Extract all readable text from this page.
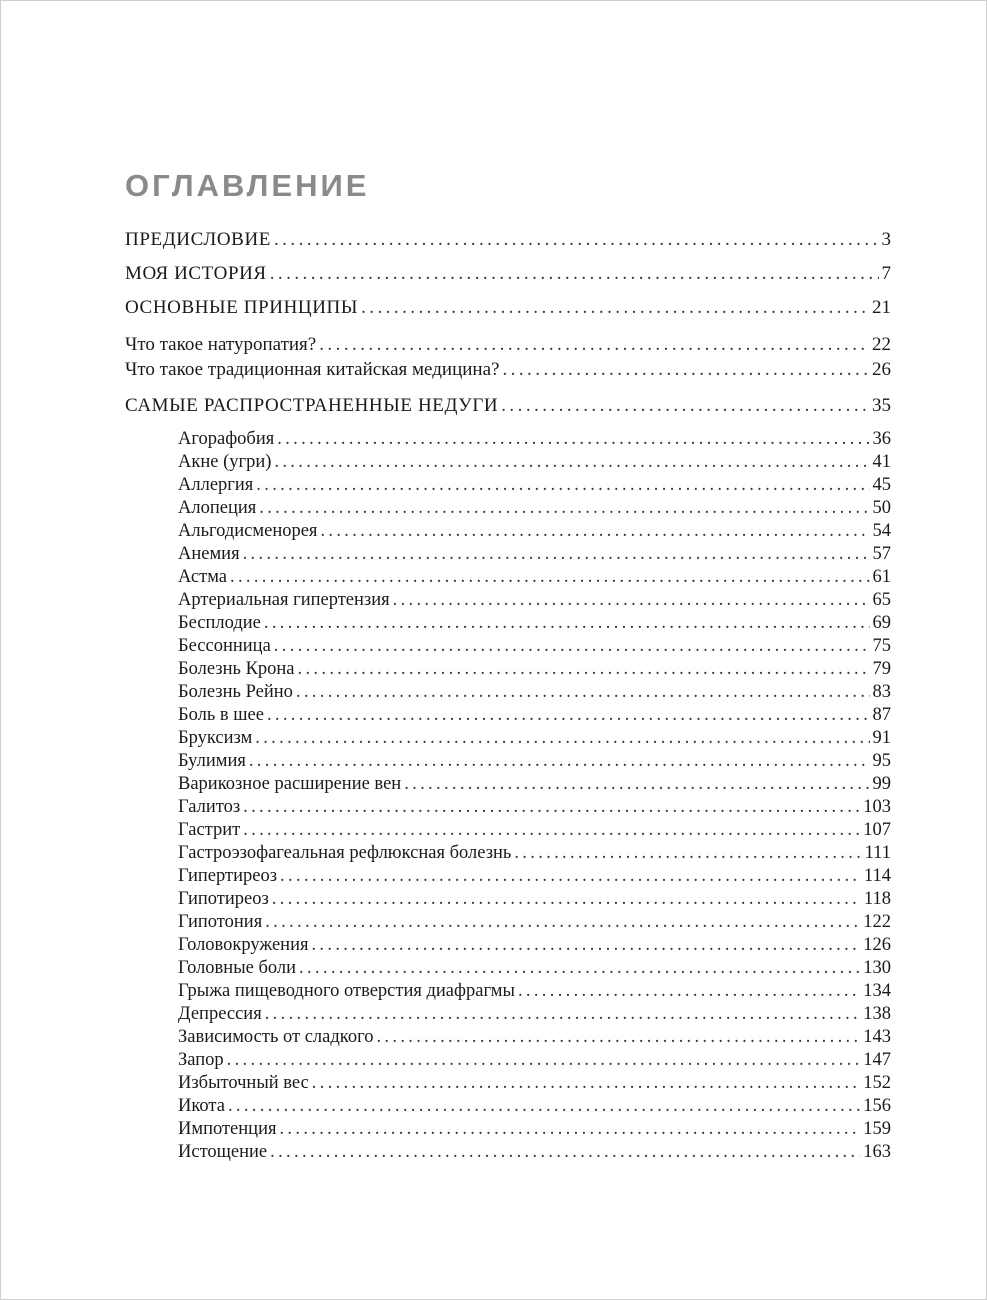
ОГЛАВЛЕНИЕ
ПРЕДИСЛОВИЕ . . .	3
МОЯ ИСТОРИЯ . . .	7
ОСНОВНЫЕ ПРИНЦИПЫ . . .	21
Что такое натуропатия? . . .	22
Что такое традиционная китайская медицина? . . .	26
САМЫЕ РАСПРОСТРАНЕННЫЕ НЕДУГИ . . .	35
Агорафобия . . .	36
Акне (угри) . . .	41
Аллергия . . .	45
Алопеция . . .	50
Альгодисменорея . . .	54
Анемия . . .	57
Астма . . .	61
Артериальная гипертензия . . .	65
Бесплодие . . .	69
Бессонница . . .	75
Болезнь Крона . . .	79
Болезнь Рейно . . .	83
Боль в шее . . .	87
Бруксизм . . .	91
Булимия . . .	95
Варикозное расширение вен . . .	99
Галитоз . . .	103
Гастрит . . .	107
Гастроэзофагеальная рефлюксная болезнь . . .	111
Гипертиреоз . . .	114
Гипотиреоз . . .	118
Гипотония . . .	122
Головокружения . . .	126
Головные боли . . .	130
Грыжа пищеводного отверстия диафрагмы . . .	134
Депрессия . . .	138
Зависимость от сладкого . . .	143
Запор . . .	147
Избыточный вес . . .	152
Икота . . .	156
Импотенция . . .	159
Истощение . . .	163
